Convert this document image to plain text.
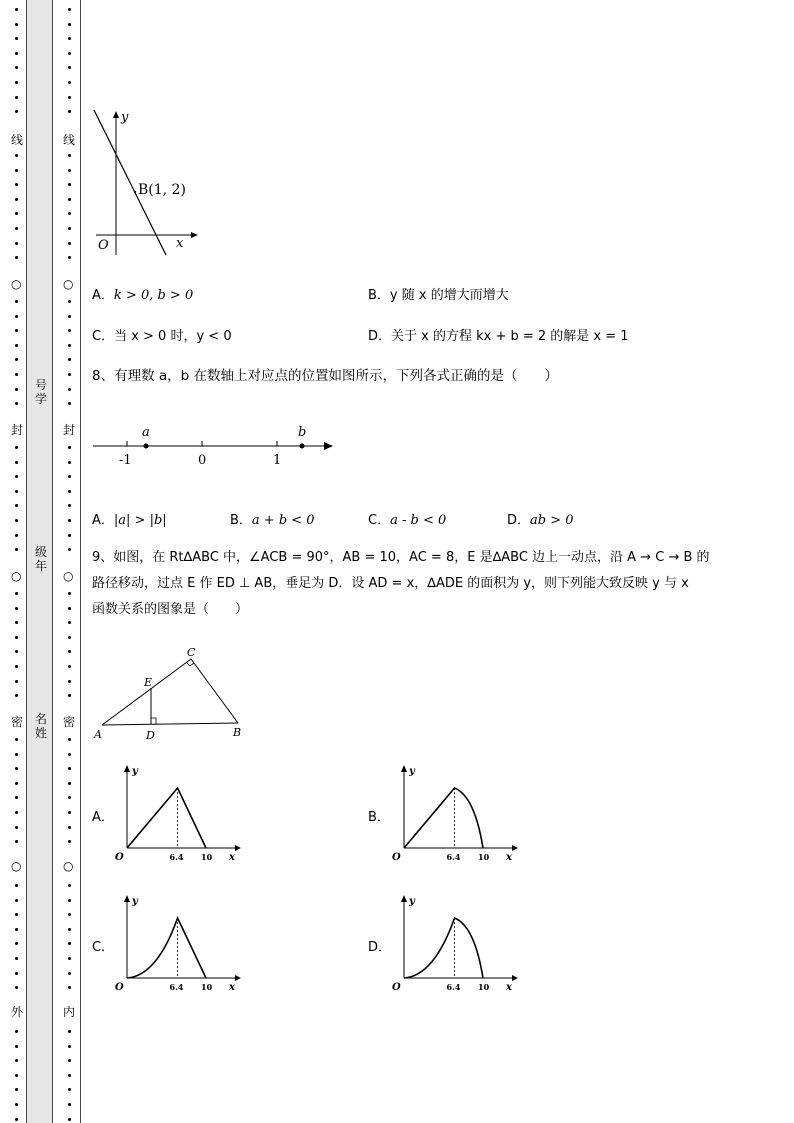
线
封
密
外
线
封
密
内
○
○
○
○
○
○
号学
级年
名姓
y
x
O
B(1, 2)
A．k > 0, b > 0	B．y 随 x 的增大而增大
C．当 x > 0 时，y < 0	D．关于 x 的方程 kx + b = 2 的解是 x = 1
8、有理数 a，b 在数轴上对应点的位置如图所示，下列各式正确的是（　　）
a	b
-1	0	1
A．|a| > |b|	B．a + b < 0	C．a - b < 0	D．ab > 0
9、如图，在 Rt∆ABC 中，∠ACB = 90°，AB = 10，AC = 8，E 是∆ABC 边上一动点，沿 A → C → B 的
路径移动，过点 E 作 ED ⊥ AB，垂足为 D．设 AD = x，∆ADE 的面积为 y，则下列能大致反映 y 与 x
函数关系的图象是（　　）
A	B
C
D
E
A．	B．
C．	D．
y
x
O	6.4 10
y
x
O	6.4 10
y
x
O	6.4 10
y
x
O	6.4 10
